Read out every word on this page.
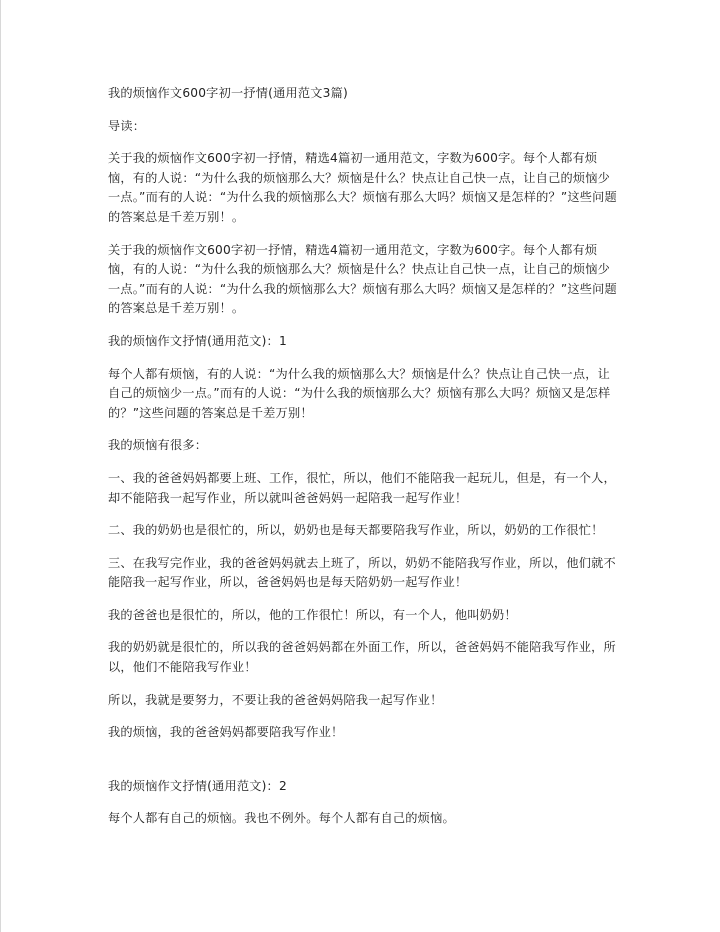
我的烦恼作文600字初一抒情(通用范文3篇)

导读：

关于我的烦恼作文600字初一抒情，精选4篇初一通用范文，字数为600字。每个人都有烦恼，有的人说：“为什么我的烦恼那么大？烦恼是什么？快点让自己快一点，让自己的烦恼少一点。”而有的人说：“为什么我的烦恼那么大？烦恼有那么大吗？烦恼又是怎样的？”这些问题的答案总是千差万别！。

关于我的烦恼作文600字初一抒情，精选4篇初一通用范文，字数为600字。每个人都有烦恼，有的人说：“为什么我的烦恼那么大？烦恼是什么？快点让自己快一点，让自己的烦恼少一点。”而有的人说：“为什么我的烦恼那么大？烦恼有那么大吗？烦恼又是怎样的？”这些问题的答案总是千差万别！。

我的烦恼作文抒情(通用范文)：1

每个人都有烦恼，有的人说：“为什么我的烦恼那么大？烦恼是什么？快点让自己快一点，让自己的烦恼少一点。”而有的人说：“为什么我的烦恼那么大？烦恼有那么大吗？烦恼又是怎样的？”这些问题的答案总是千差万别！

我的烦恼有很多：

一、我的爸爸妈妈都要上班、工作，很忙，所以，他们不能陪我一起玩儿，但是，有一个人，却不能陪我一起写作业，所以就叫爸爸妈妈一起陪我一起写作业！

二、我的奶奶也是很忙的，所以，奶奶也是每天都要陪我写作业，所以，奶奶的工作很忙！

三、在我写完作业，我的爸爸妈妈就去上班了，所以，奶奶不能陪我写作业，所以，他们就不能陪我一起写作业，所以，爸爸妈妈也是每天陪奶奶一起写作业！

我的爸爸也是很忙的，所以，他的工作很忙！所以，有一个人，他叫奶奶！

我的奶奶就是很忙的，所以我的爸爸妈妈都在外面工作，所以，爸爸妈妈不能陪我写作业，所以，他们不能陪我写作业！

所以，我就是要努力，不要让我的爸爸妈妈陪我一起写作业！

我的烦恼，我的爸爸妈妈都要陪我写作业！

我的烦恼作文抒情(通用范文)：2

每个人都有自己的烦恼。我也不例外。每个人都有自己的烦恼。
